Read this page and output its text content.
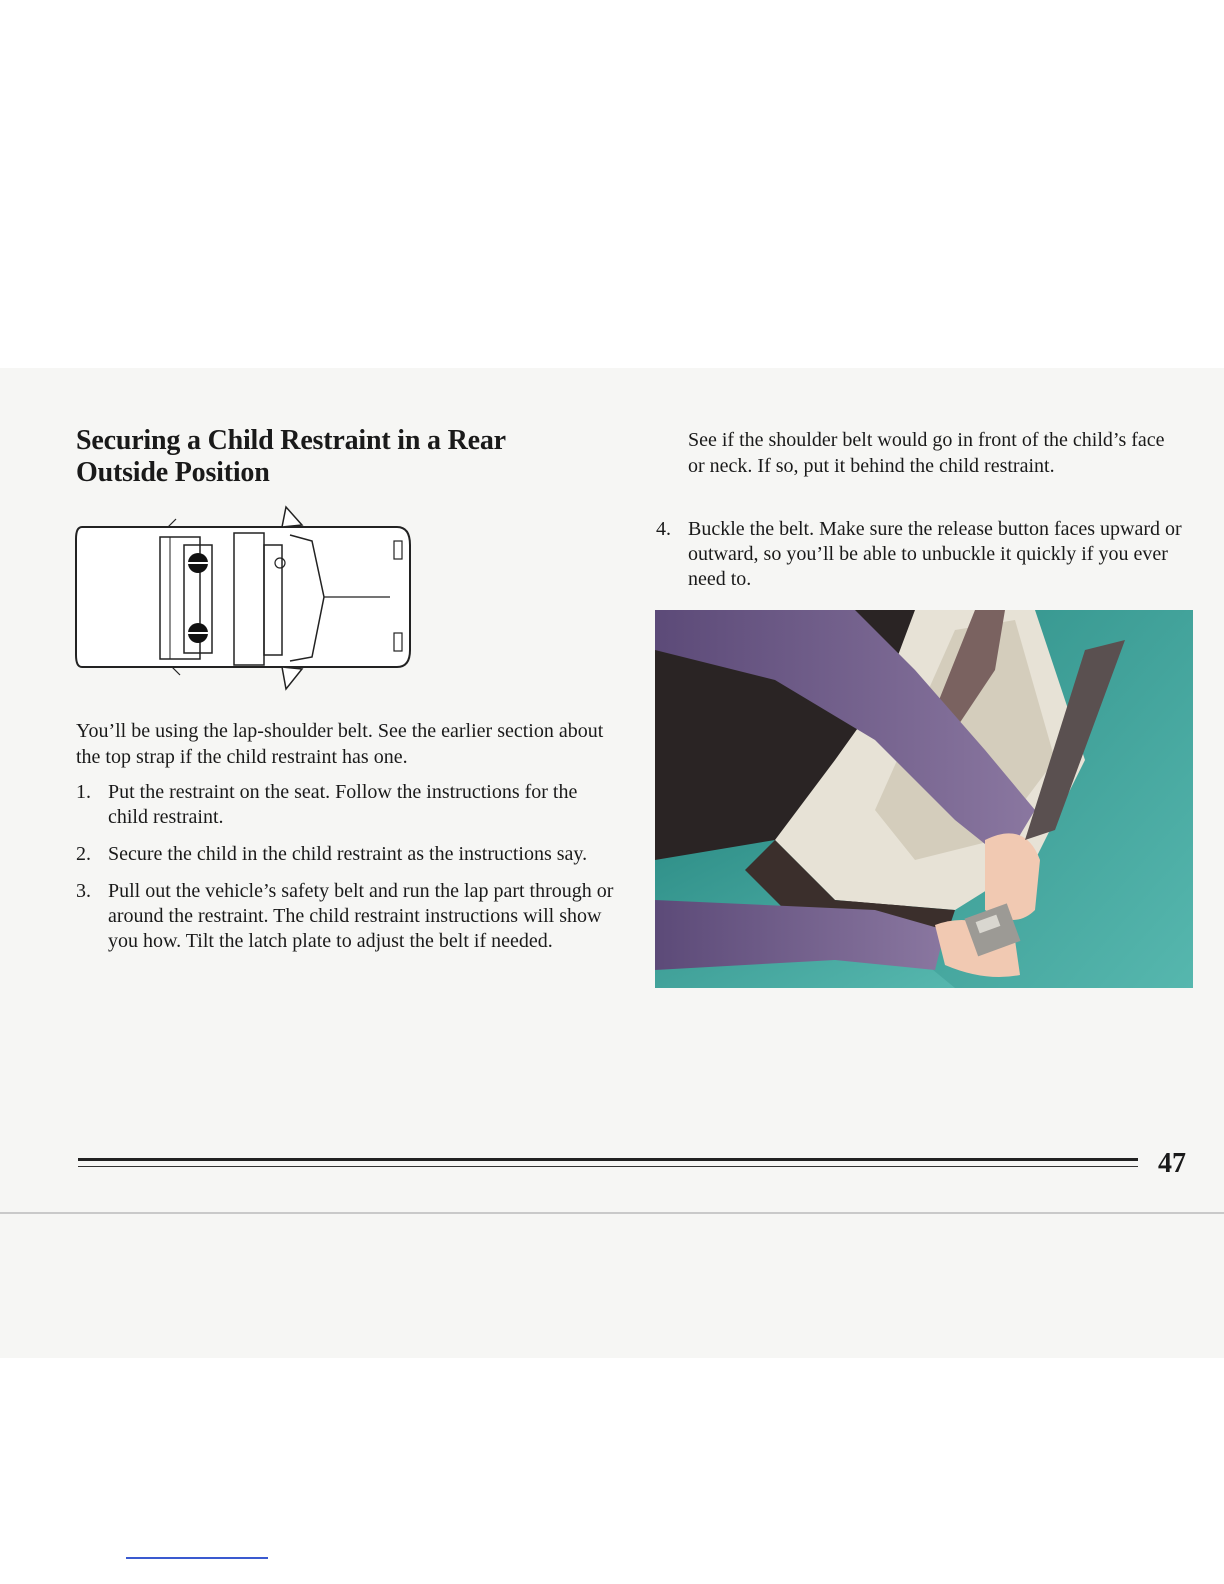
Securing a Child Restraint in a Rear Outside Position

You’ll be using the lap-shoulder belt. See the earlier section about the top strap if the child restraint has one.

1. Put the restraint on the seat. Follow the instructions for the child restraint.
2. Secure the child in the child restraint as the instructions say.
3. Pull out the vehicle’s safety belt and run the lap part through or around the restraint. The child restraint instructions will show you how. Tilt the latch plate to adjust the belt if needed.

See if the shoulder belt would go in front of the child’s face or neck. If so, put it behind the child restraint.

4. Buckle the belt. Make sure the release button faces upward or outward, so you’ll be able to unbuckle it quickly if you ever need to.
47
